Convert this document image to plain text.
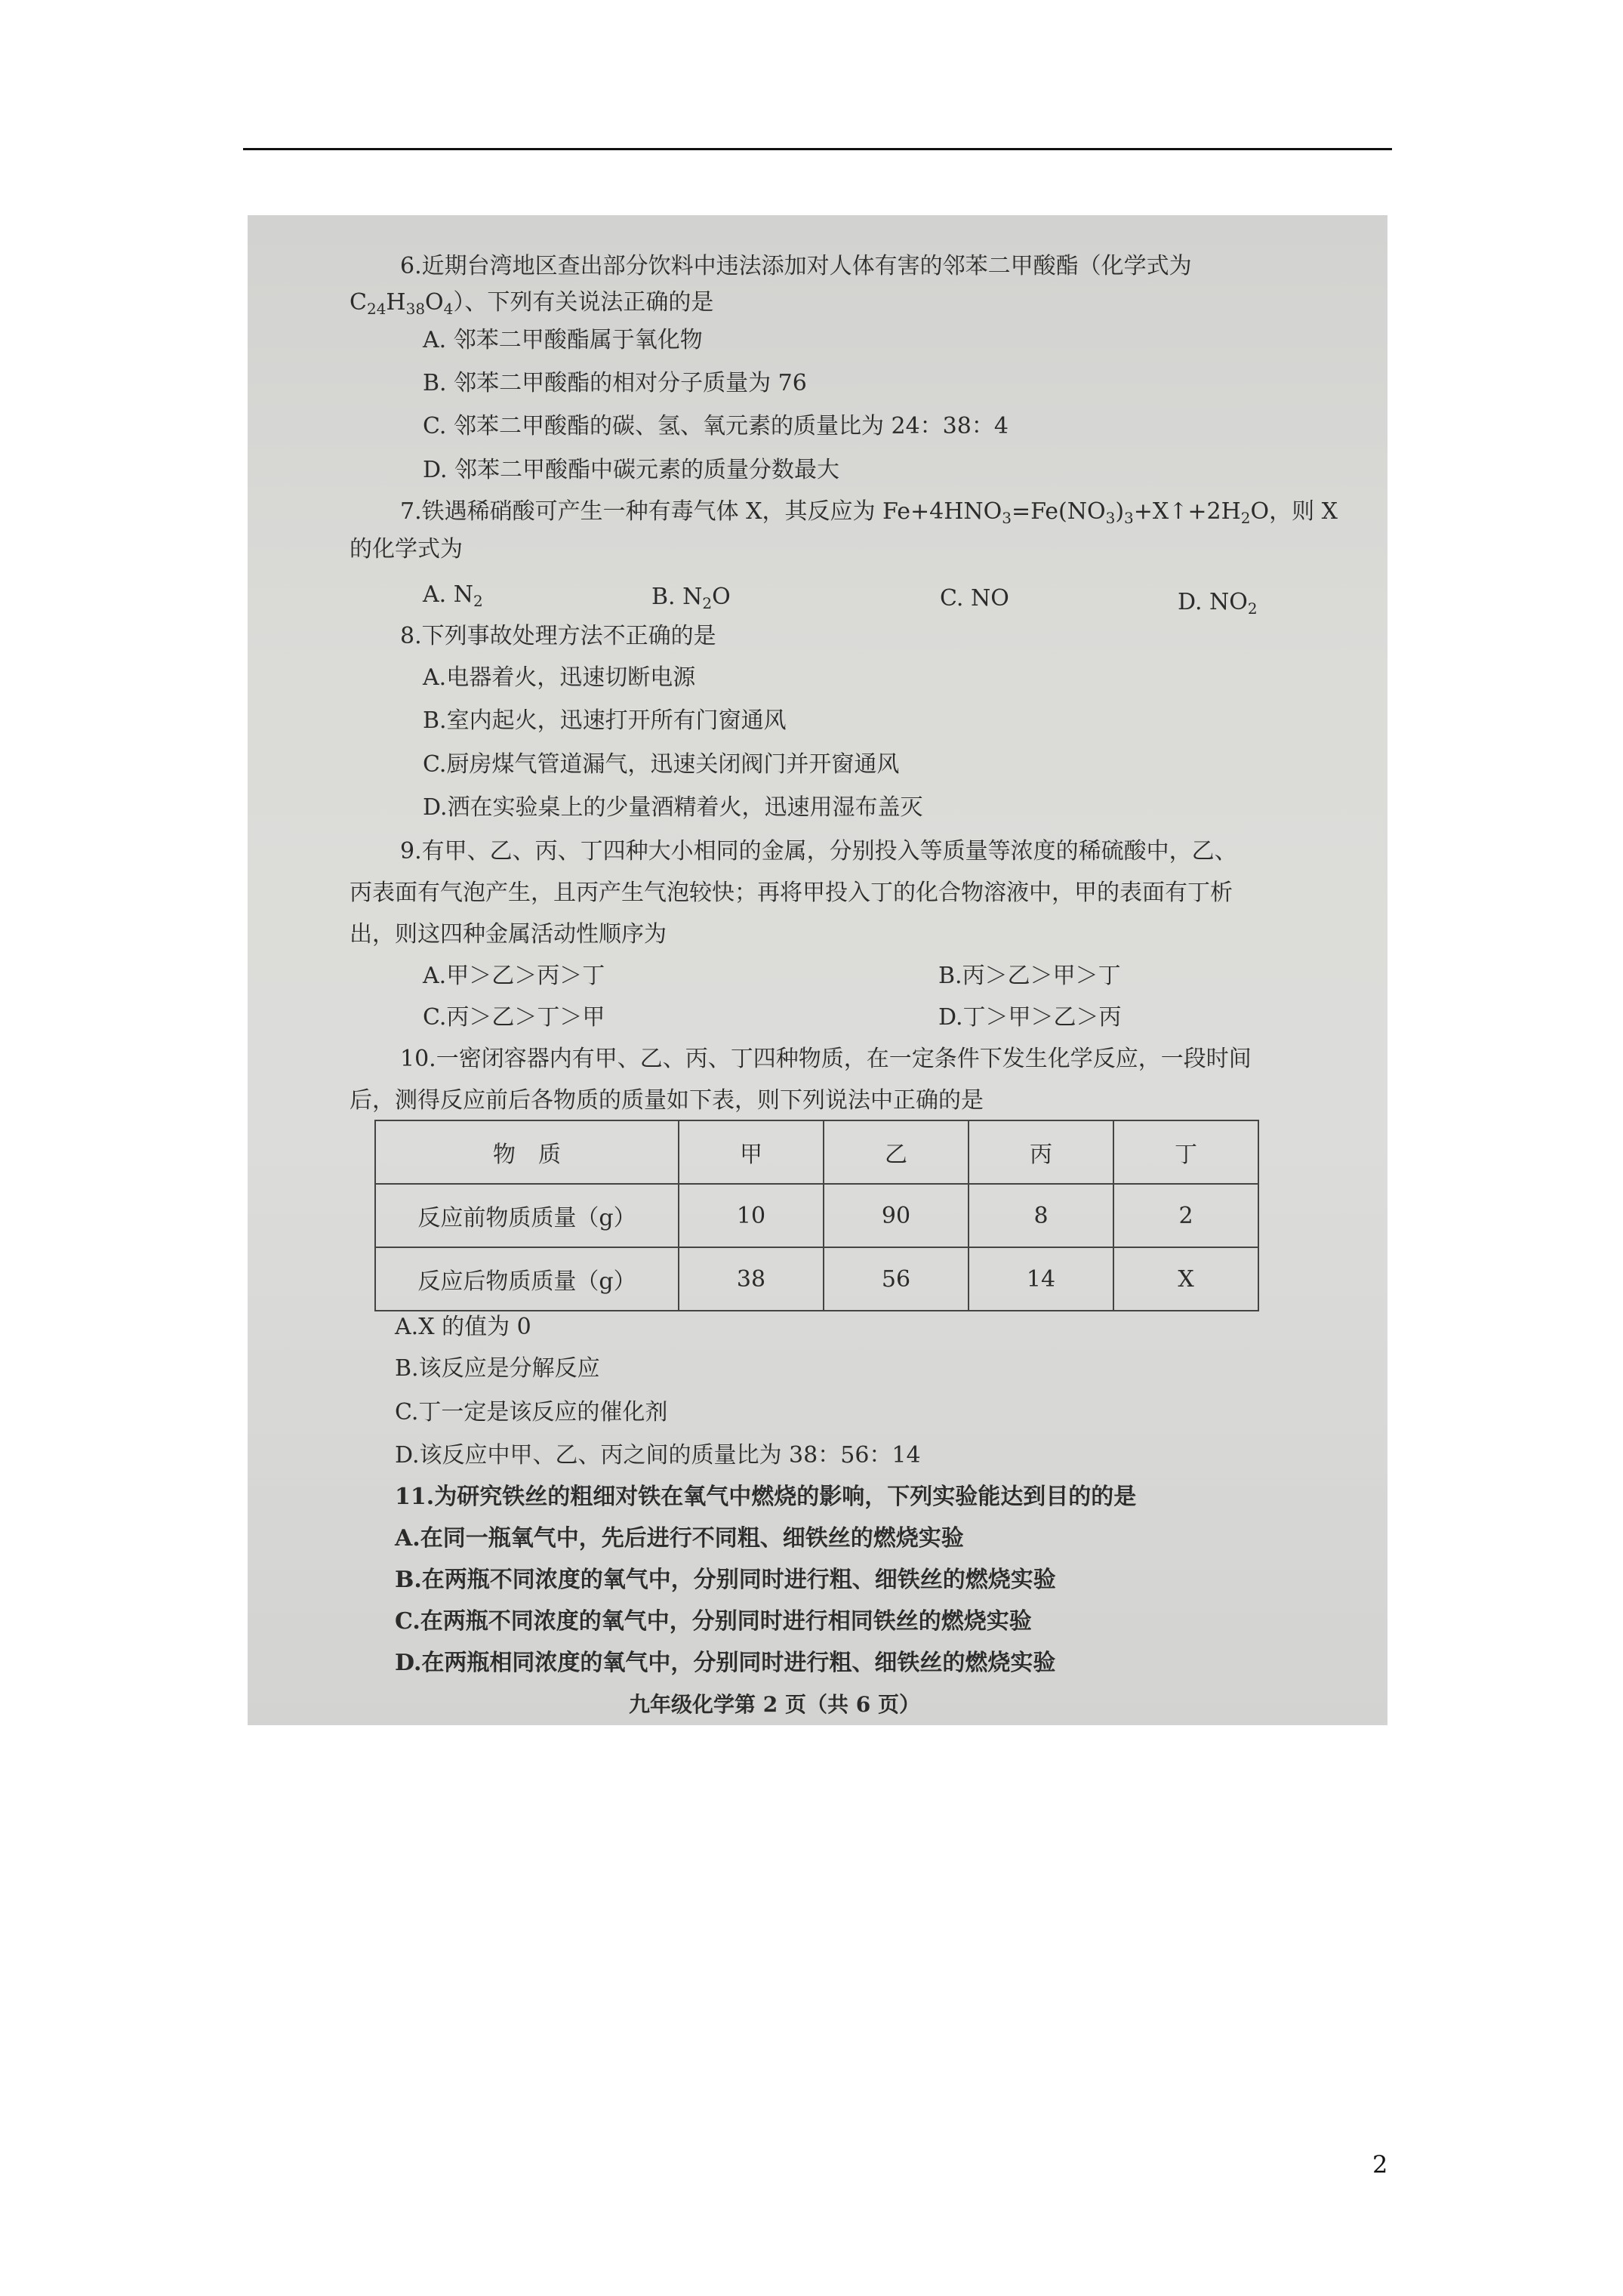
6.近期台湾地区查出部分饮料中违法添加对人体有害的邻苯二甲酸酯（化学式为
$C_{24}H_{38}O_4$）、下列有关说法正确的是
A. 邻苯二甲酸酯属于氧化物
B. 邻苯二甲酸酯的相对分子质量为 76
C. 邻苯二甲酸酯的碳、氢、氧元素的质量比为 24：38：4
D. 邻苯二甲酸酯中碳元素的质量分数最大
7.铁遇稀硝酸可产生一种有毒气体 X，其反应为 $Fe+4HNO_3=Fe(NO_3)_3+X↑+2H_2O$，则 X
的化学式为
A. $N_2$	B. $N_2O$	C. NO	D. $NO_2$
8.下列事故处理方法不正确的是
A.电器着火，迅速切断电源
B.室内起火，迅速打开所有门窗通风
C.厨房煤气管道漏气，迅速关闭阀门并开窗通风
D.洒在实验桌上的少量酒精着火，迅速用湿布盖灭
9.有甲、乙、丙、丁四种大小相同的金属，分别投入等质量等浓度的稀硫酸中，乙、
丙表面有气泡产生，且丙产生气泡较快；再将甲投入丁的化合物溶液中，甲的表面有丁析
出，则这四种金属活动性顺序为
A.甲＞乙＞丙＞丁	B.丙＞乙＞甲＞丁
C.丙＞乙＞丁＞甲	D.丁＞甲＞乙＞丙
10.一密闭容器内有甲、乙、丙、丁四种物质，在一定条件下发生化学反应，一段时间
后，测得反应前后各物质的质量如下表，则下列说法中正确的是
物　质	甲	乙	丙	丁
反应前物质质量（g）	10	90	8	2
反应后物质质量（g）	38	56	14	X
A.X 的值为 0
B.该反应是分解反应
C.丁一定是该反应的催化剂
D.该反应中甲、乙、丙之间的质量比为 38：56：14
11.为研究铁丝的粗细对铁在氧气中燃烧的影响，下列实验能达到目的的是
A.在同一瓶氧气中，先后进行不同粗、细铁丝的燃烧实验
B.在两瓶不同浓度的氧气中，分别同时进行粗、细铁丝的燃烧实验
C.在两瓶不同浓度的氧气中，分别同时进行相同铁丝的燃烧实验
D.在两瓶相同浓度的氧气中，分别同时进行粗、细铁丝的燃烧实验
九年级化学第 2 页（共 6 页）
2
